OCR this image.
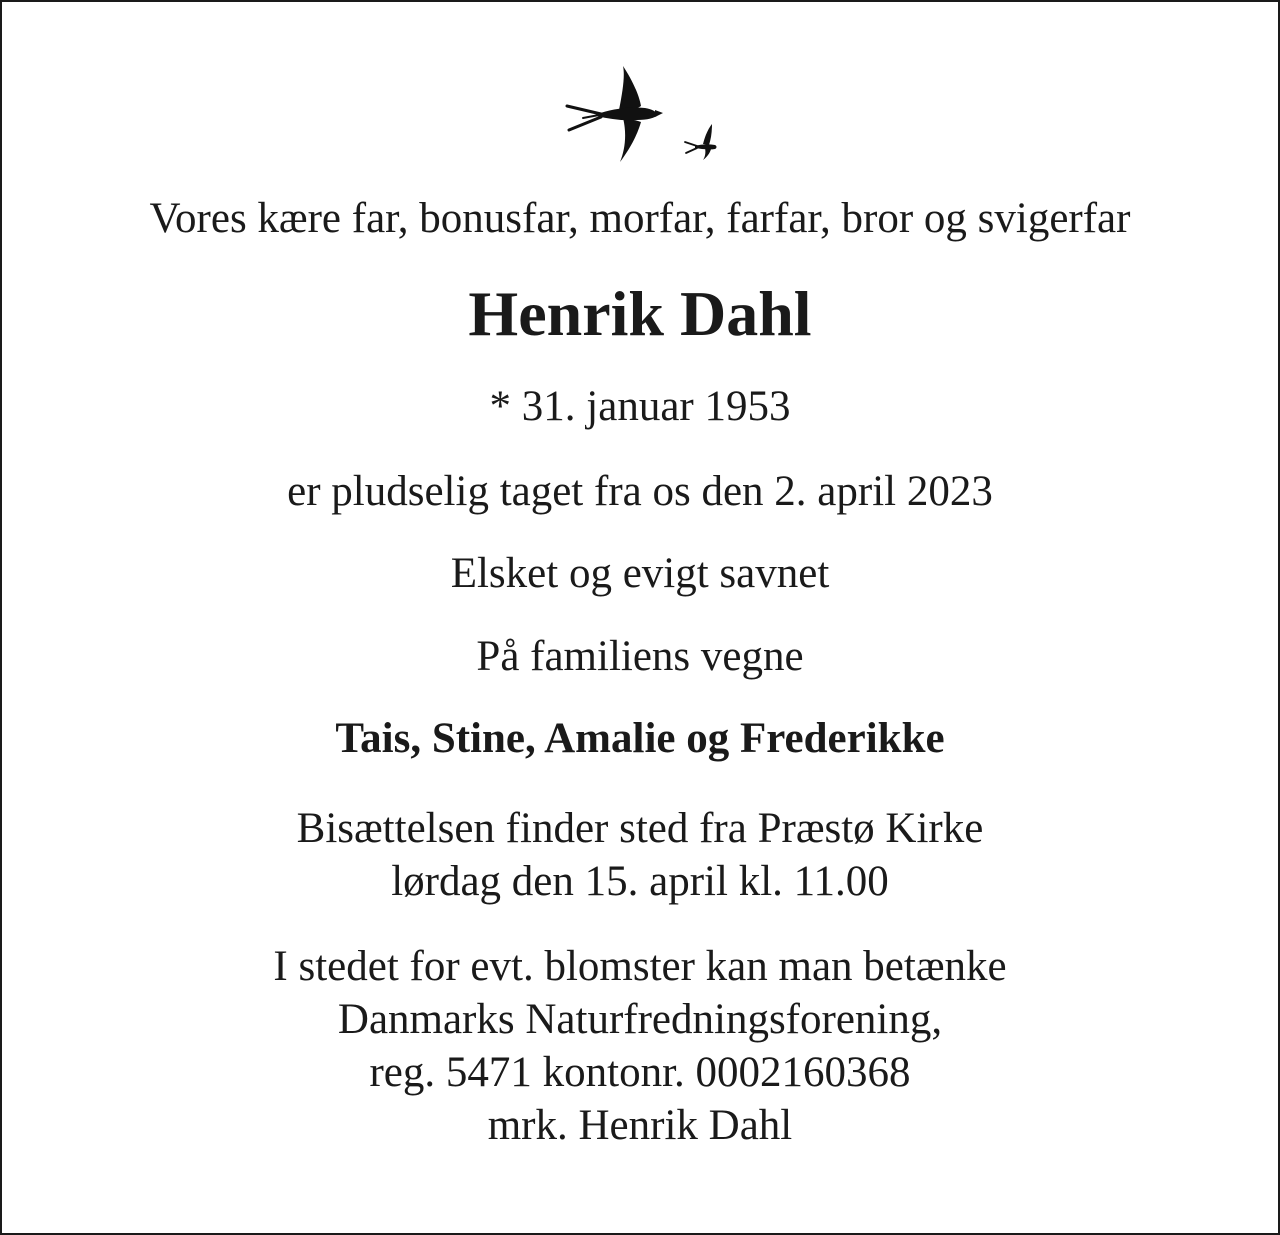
Vores kære far, bonusfar, morfar, farfar, bror og svigerfar
Henrik Dahl
* 31. januar 1953
er pludselig taget fra os den 2. april 2023
Elsket og evigt savnet
På familiens vegne
Tais, Stine, Amalie og Frederikke
Bisættelsen finder sted fra Præstø Kirke
lørdag den 15. april kl. 11.00
I stedet for evt. blomster kan man betænke
Danmarks Naturfredningsforening,
reg. 5471 kontonr. 0002160368
mrk. Henrik Dahl
